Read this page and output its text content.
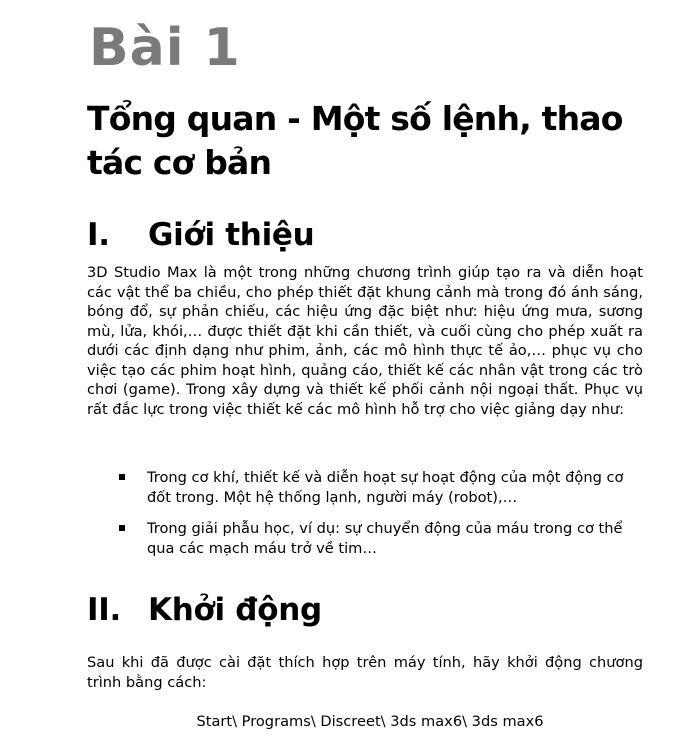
Bài 1
Tổng quan - Một số lệnh, thao tác cơ bản
I.	Giới thiệu

3D Studio Max là một trong những chương trình giúp tạo ra và diễn hoạt các vật thể ba chiều, cho phép thiết đặt khung cảnh mà trong đó ánh sáng, bóng đổ, sự phản chiếu, các hiệu ứng đặc biệt như: hiệu ứng mưa, sương mù, lửa, khói,… được thiết đặt khi cần thiết, và cuối cùng cho phép xuất ra dưới các định dạng như phim, ảnh, các mô hình thực tế ảo,… phục vụ cho việc tạo các phim hoạt hình, quảng cáo, thiết kế các nhân vật trong các trò chơi (game). Trong xây dựng và thiết kế phối cảnh nội ngoại thất. Phục vụ rất đắc lực trong việc thiết kế các mô hình hỗ trợ cho việc giảng dạy như:

Trong cơ khí, thiết kế và diễn hoạt sự hoạt động của một động cơ đốt trong. Một hệ thống lạnh, người máy (robot),…
Trong giải phẫu học, ví dụ: sự chuyển động của máu trong cơ thể qua các mạch máu trở về tim…
II. Khởi động

Sau khi đã được cài đặt thích hợp trên máy tính, hãy khởi động chương trình bằng cách:

Start\ Programs\ Discreet\ 3ds max6\ 3ds max6
